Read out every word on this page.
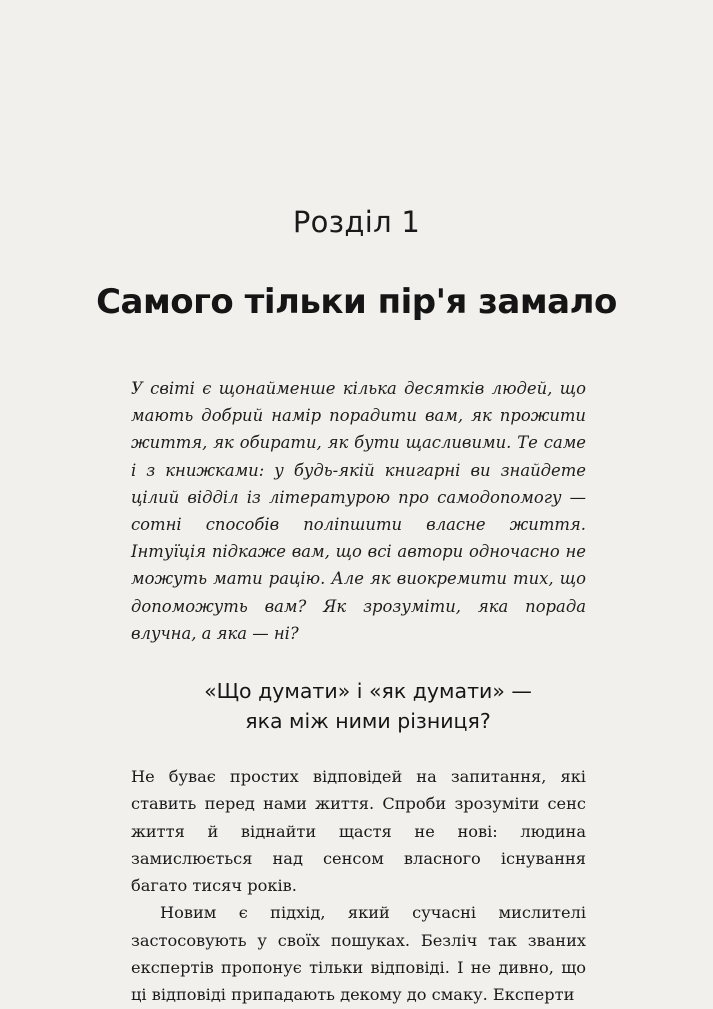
Розділ 1
Самого тільки пір'я замало

У світі є щонайменше кілька десятків людей, що мають добрий намір порадити вам, як прожити життя, як обирати, як бути щасливими. Те саме і з книжками: у будь-якій книгарні ви знайдете цілий відділ із літературою про самодопомогу — сотні способів поліпшити власне життя. Інтуїція підкаже вам, що всі автори одночасно не можуть мати рацію. Але як виокремити тих, що допоможуть вам? Як зрозуміти, яка порада влучна, а яка — ні?

«Що думати» і «як думати» —
яка між ними різниця?

Не буває простих відповідей на запитання, які ставить перед нами життя. Спроби зрозуміти сенс життя й віднайти щастя не нові: людина замислюється над сенсом власного існування багато тисяч років.

Новим є підхід, який сучасні мислителі застосовують у своїх пошуках. Безліч так званих експертів пропонує тільки відповіді. І не дивно, що ці відповіді припадають декому до смаку. Експерти
